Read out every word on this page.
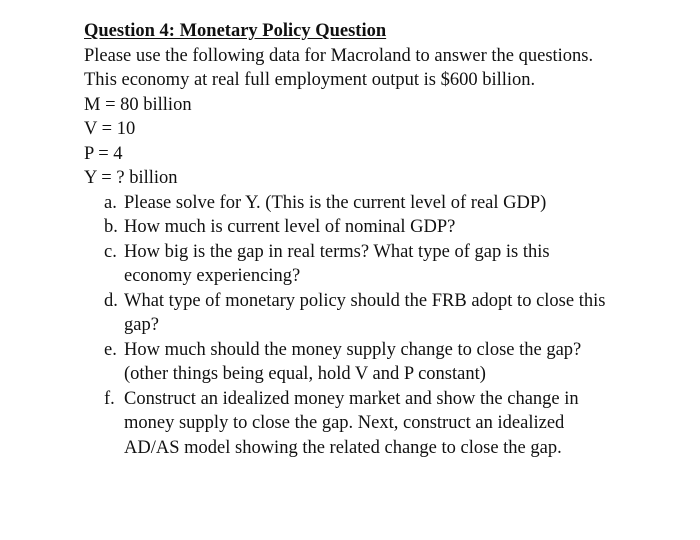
Question 4: Monetary Policy Question
Please use the following data for Macroland to answer the questions. This economy at real full employment output is $600 billion.
M = 80 billion
V = 10
P = 4
Y = ? billion
a. Please solve for Y. (This is the current level of real GDP)
b. How much is current level of nominal GDP?
c. How big is the gap in real terms? What type of gap is this economy experiencing?
d. What type of monetary policy should the FRB adopt to close this gap?
e. How much should the money supply change to close the gap? (other things being equal, hold V and P constant)
f. Construct an idealized money market and show the change in money supply to close the gap. Next, construct an idealized AD/AS model showing the related change to close the gap.
